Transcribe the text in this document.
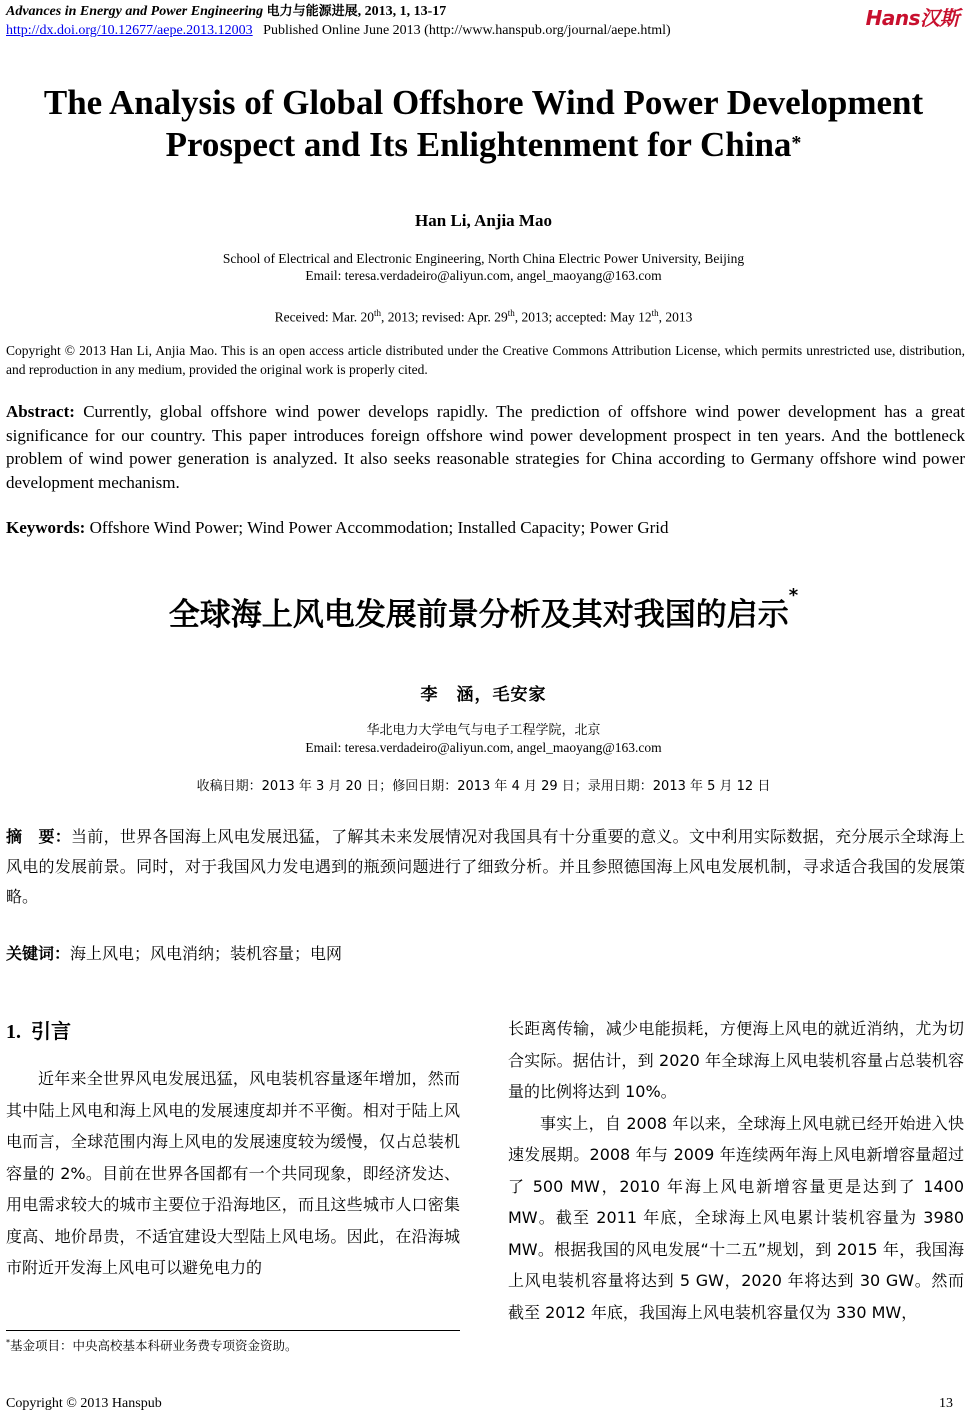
Advances in Energy and Power Engineering 电力与能源进展, 2013, 1, 13-17
http://dx.doi.org/10.12677/aepe.2013.12003 Published Online June 2013 (http://www.hanspub.org/journal/aepe.html)
Hans汉斯
The Analysis of Global Offshore Wind Power Development Prospect and Its Enlightenment for China*
Han Li, Anjia Mao
School of Electrical and Electronic Engineering, North China Electric Power University, Beijing
Email: teresa.verdadeiro@aliyun.com, angel_maoyang@163.com
Received: Mar. 20th, 2013; revised: Apr. 29th, 2013; accepted: May 12th, 2013
Copyright © 2013 Han Li, Anjia Mao. This is an open access article distributed under the Creative Commons Attribution License, which permits unrestricted use, distribution, and reproduction in any medium, provided the original work is properly cited.
Abstract: Currently, global offshore wind power develops rapidly. The prediction of offshore wind power development has a great significance for our country. This paper introduces foreign offshore wind power development prospect in ten years. And the bottleneck problem of wind power generation is analyzed. It also seeks reasonable strategies for China according to Germany offshore wind power development mechanism.
Keywords: Offshore Wind Power; Wind Power Accommodation; Installed Capacity; Power Grid
全球海上风电发展前景分析及其对我国的启示*
李　涵，毛安家
华北电力大学电气与电子工程学院，北京
Email: teresa.verdadeiro@aliyun.com, angel_maoyang@163.com
收稿日期：2013 年 3 月 20 日；修回日期：2013 年 4 月 29 日；录用日期：2013 年 5 月 12 日
摘　要：当前，世界各国海上风电发展迅猛，了解其未来发展情况对我国具有十分重要的意义。文中利用实际数据，充分展示全球海上风电的发展前景。同时，对于我国风力发电遇到的瓶颈问题进行了细致分析。并且参照德国海上风电发展机制，寻求适合我国的发展策略。
关键词：海上风电；风电消纳；装机容量；电网
1. 引言

近年来全世界风电发展迅猛，风电装机容量逐年增加，然而其中陆上风电和海上风电的发展速度却并不平衡。相对于陆上风电而言，全球范围内海上风电的发展速度较为缓慢，仅占总装机容量的 2%。目前在世界各国都有一个共同现象，即经济发达、用电需求较大的城市主要位于沿海地区，而且这些城市人口密集度高、地价昂贵，不适宜建设大型陆上风电场。因此，在沿海城市附近开发海上风电可以避免电力的

长距离传输，减少电能损耗，方便海上风电的就近消纳，尤为切合实际。据估计，到 2020 年全球海上风电装机容量占总装机容量的比例将达到 10%。

事实上，自 2008 年以来，全球海上风电就已经开始进入快速发展期。2008 年与 2009 年连续两年海上风电新增容量超过了 500 MW，2010 年海上风电新增容量更是达到了 1400 MW。截至 2011 年底，全球海上风电累计装机容量为 3980 MW。根据我国的风电发展“十二五”规划，到 2015 年，我国海上风电装机容量将达到 5 GW，2020 年将达到 30 GW。然而截至 2012 年底，我国海上风电装机容量仅为 330 MW，

*基金项目：中央高校基本科研业务费专项资金资助。
Copyright © 2013 Hanspub	13
